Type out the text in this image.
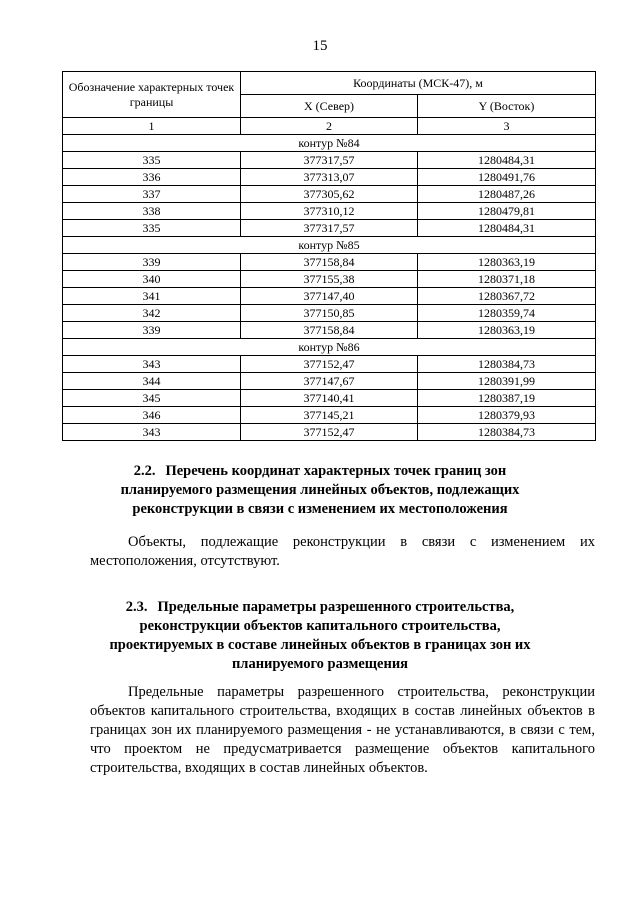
15
Обозначение характерных точек границы	Координаты (МСК-47), м	
	X (Север)	Y (Восток)
1	2	3
контур №84		
335	377317,57	1280484,31
336	377313,07	1280491,76
337	377305,62	1280487,26
338	377310,12	1280479,81
335	377317,57	1280484,31
контур №85		
339	377158,84	1280363,19
340	377155,38	1280371,18
341	377147,40	1280367,72
342	377150,85	1280359,74
339	377158,84	1280363,19
контур №86		
343	377152,47	1280384,73
344	377147,67	1280391,99
345	377140,41	1280387,19
346	377145,21	1280379,93
343	377152,47	1280384,73
2.2. Перечень координат характерных точек границ зон
планируемого размещения линейных объектов, подлежащих
реконструкции в связи с изменением их местоположения
Объекты, подлежащие реконструкции в связи с изменением их местоположения, отсутствуют.
2.3. Предельные параметры разрешенного строительства,
реконструкции объектов капитального строительства,
проектируемых в составе линейных объектов в границах зон их
планируемого размещения
Предельные параметры разрешенного строительства, реконструкции объектов капитального строительства, входящих в состав линейных объектов в границах зон их планируемого размещения - не устанавливаются, в связи с тем, что проектом не предусматривается размещение объектов капитального строительства, входящих в состав линейных объектов.
